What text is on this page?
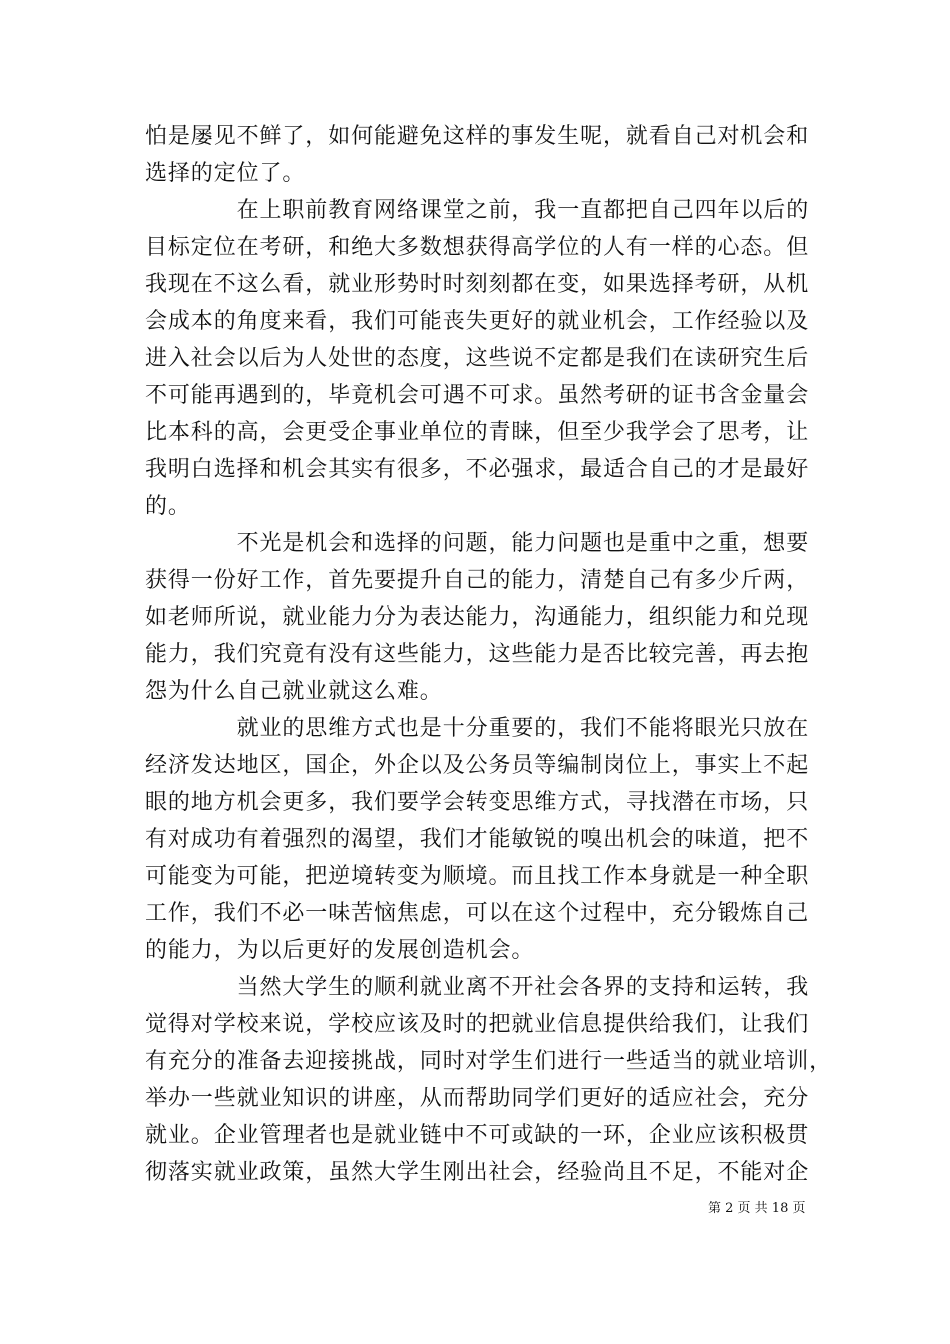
怕是屡见不鲜了，如何能避免这样的事发生呢，就看自己对机会和
选择的定位了。
　　　　在上职前教育网络课堂之前，我一直都把自己四年以后的
目标定位在考研，和绝大多数想获得高学位的人有一样的心态。但
我现在不这么看，就业形势时时刻刻都在变，如果选择考研，从机
会成本的角度来看，我们可能丧失更好的就业机会，工作经验以及
进入社会以后为人处世的态度，这些说不定都是我们在读研究生后
不可能再遇到的，毕竟机会可遇不可求。虽然考研的证书含金量会
比本科的高，会更受企事业单位的青睐，但至少我学会了思考，让
我明白选择和机会其实有很多，不必强求，最适合自己的才是最好
的。
　　　　不光是机会和选择的问题，能力问题也是重中之重，想要
获得一份好工作，首先要提升自己的能力，清楚自己有多少斤两，
如老师所说，就业能力分为表达能力，沟通能力，组织能力和兑现
能力，我们究竟有没有这些能力，这些能力是否比较完善，再去抱
怨为什么自己就业就这么难。
　　　　就业的思维方式也是十分重要的，我们不能将眼光只放在
经济发达地区，国企，外企以及公务员等编制岗位上，事实上不起
眼的地方机会更多，我们要学会转变思维方式，寻找潜在市场，只
有对成功有着强烈的渴望，我们才能敏锐的嗅出机会的味道，把不
可能变为可能，把逆境转变为顺境。而且找工作本身就是一种全职
工作，我们不必一味苦恼焦虑，可以在这个过程中，充分锻炼自己
的能力，为以后更好的发展创造机会。
　　　　当然大学生的顺利就业离不开社会各界的支持和运转，我
觉得对学校来说，学校应该及时的把就业信息提供给我们，让我们
有充分的准备去迎接挑战，同时对学生们进行一些适当的就业培训，
举办一些就业知识的讲座，从而帮助同学们更好的适应社会，充分
就业。企业管理者也是就业链中不可或缺的一环，企业应该积极贯
彻落实就业政策，虽然大学生刚出社会，经验尚且不足，不能对企
第 2 页 共 18 页
